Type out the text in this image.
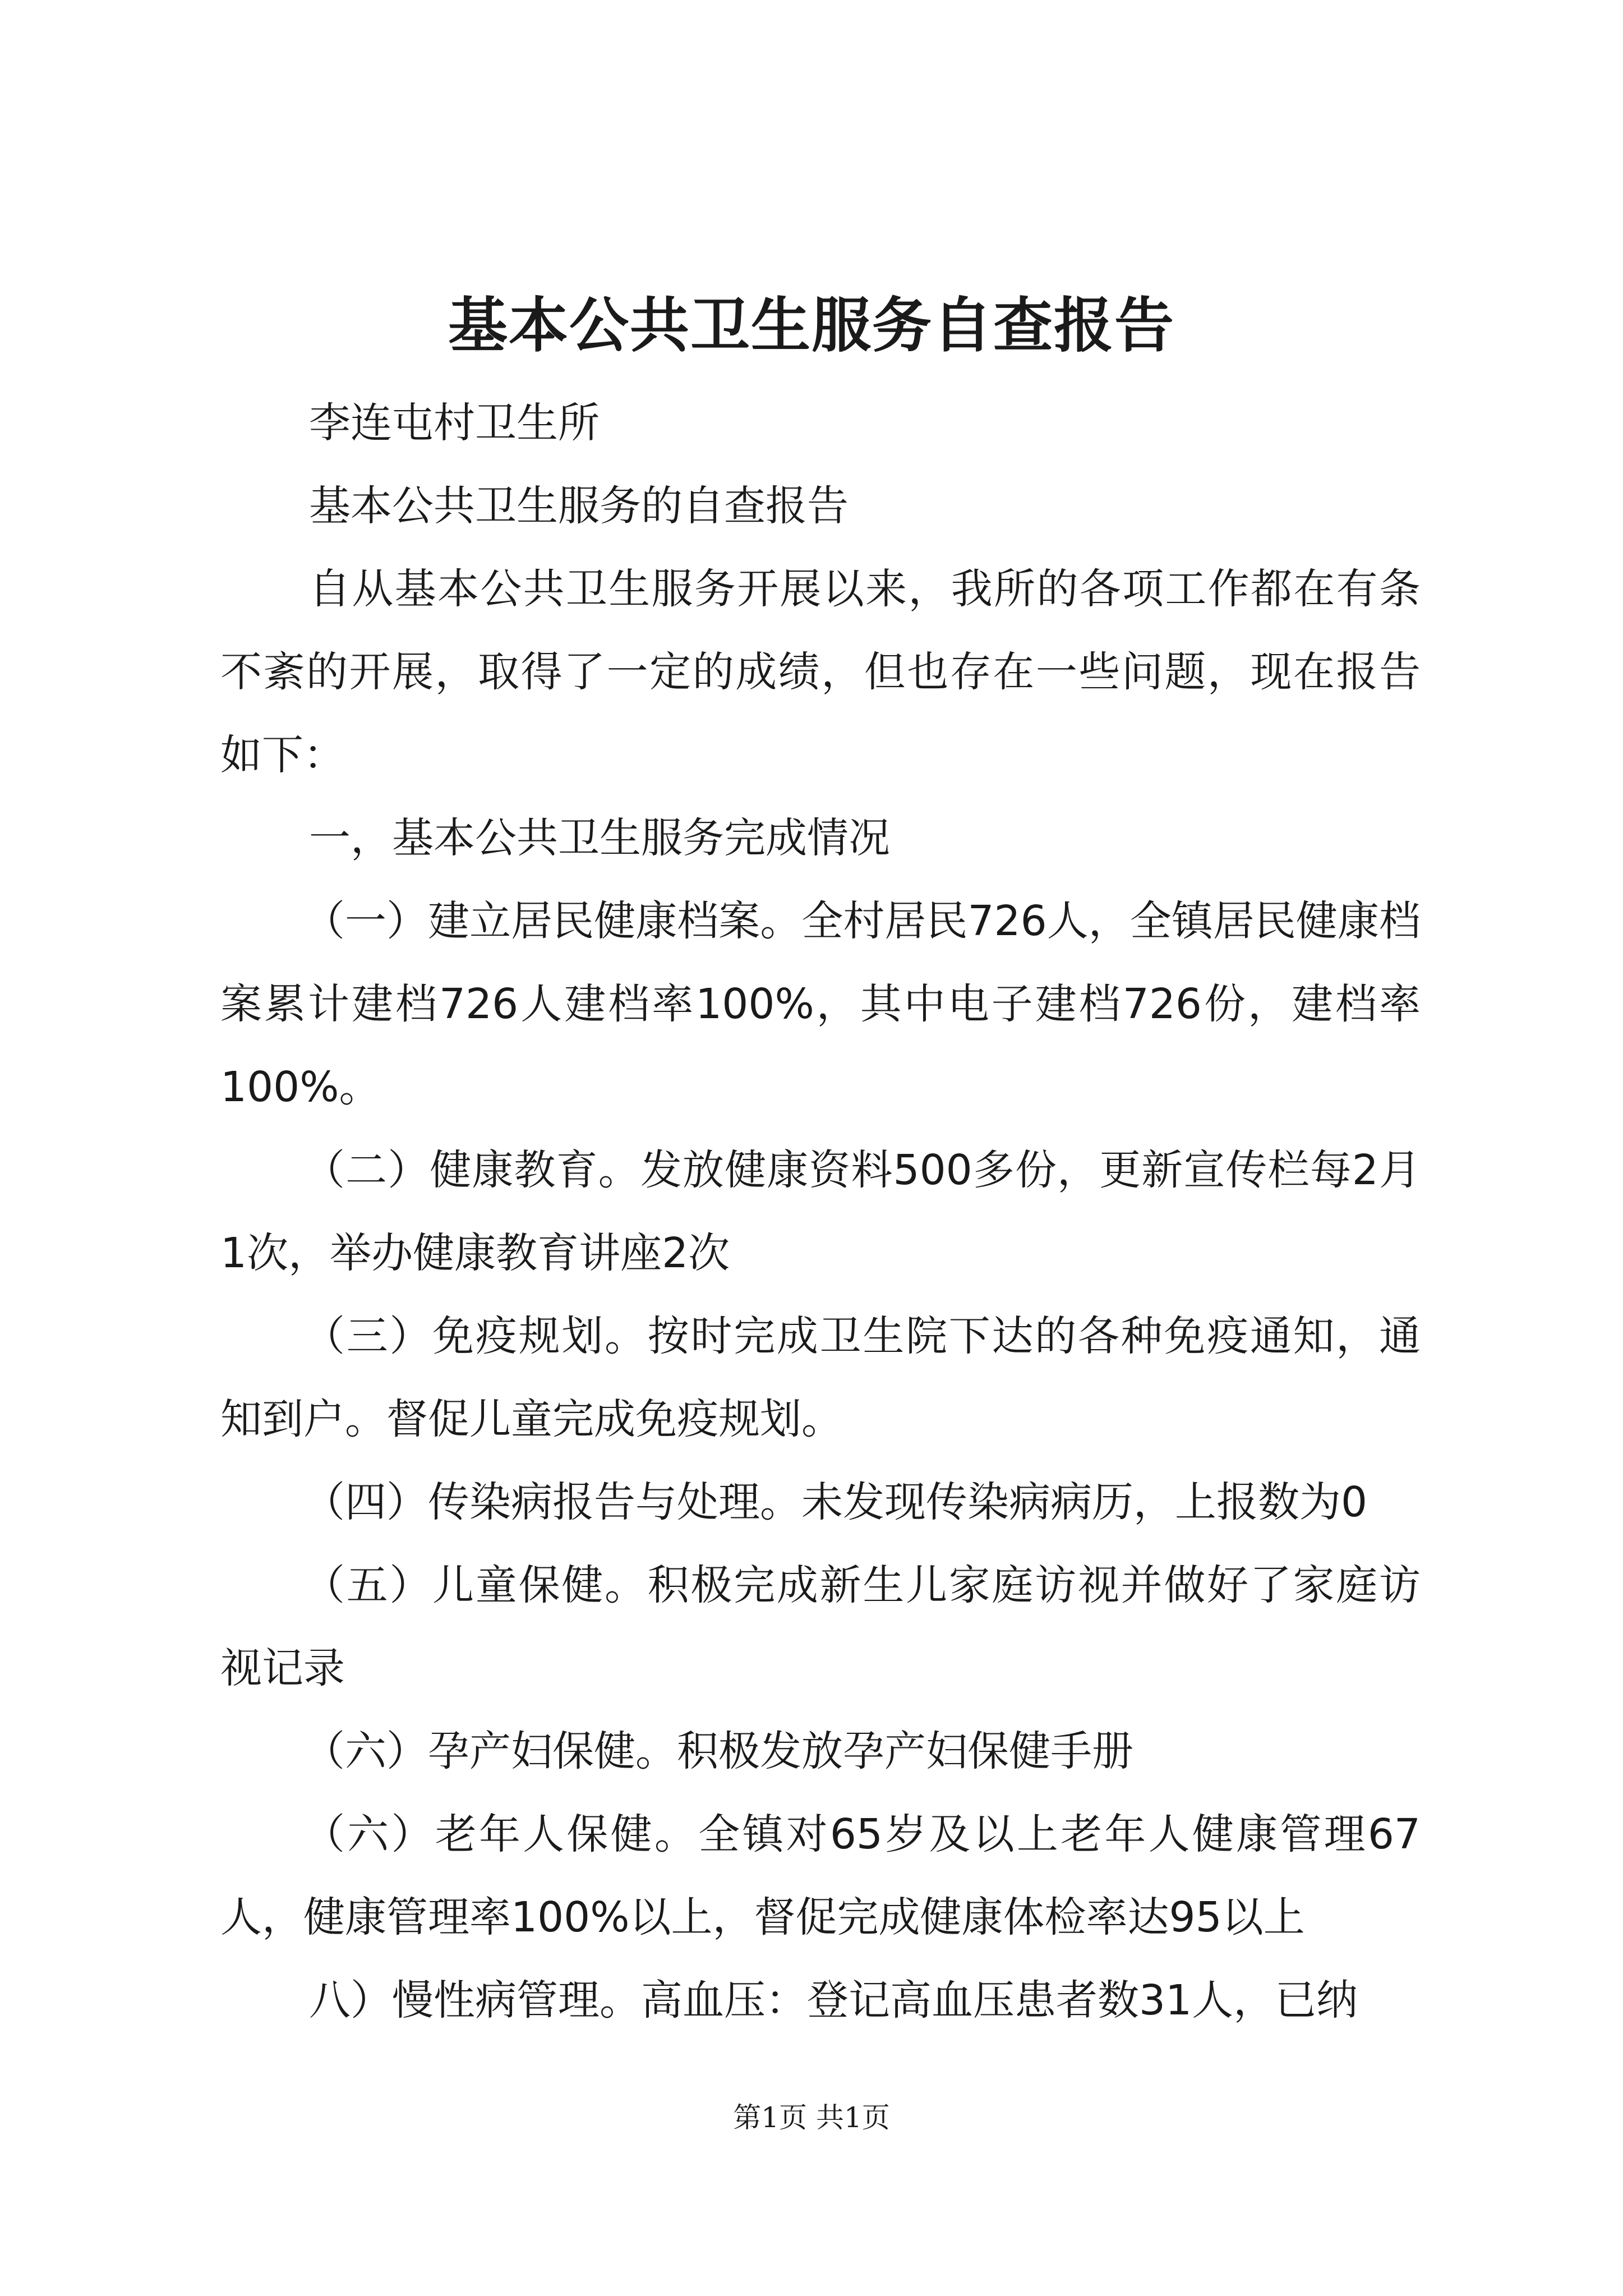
基本公共卫生服务自查报告

李连屯村卫生所

基本公共卫生服务的自查报告

自从基本公共卫生服务开展以来，我所的各项工作都在有条不紊的开展，取得了一定的成绩，但也存在一些问题，现在报告如下：

一，基本公共卫生服务完成情况

（一）建立居民健康档案。全村居民726人，全镇居民健康档案累计建档726人建档率100%，其中电子建档726份，建档率100%。

（二）健康教育。发放健康资料500多份，更新宣传栏每2月1次，举办健康教育讲座2次

（三）免疫规划。按时完成卫生院下达的各种免疫通知，通知到户。督促儿童完成免疫规划。

（四）传染病报告与处理。未发现传染病病历，上报数为0

（五）儿童保健。积极完成新生儿家庭访视并做好了家庭访视记录

（六）孕产妇保健。积极发放孕产妇保健手册

（六）老年人保健。全镇对65岁及以上老年人健康管理67人，健康管理率100%以上，督促完成健康体检率达95以上

八）慢性病管理。高血压：登记高血压患者数31人，已纳

第1页 共1页
